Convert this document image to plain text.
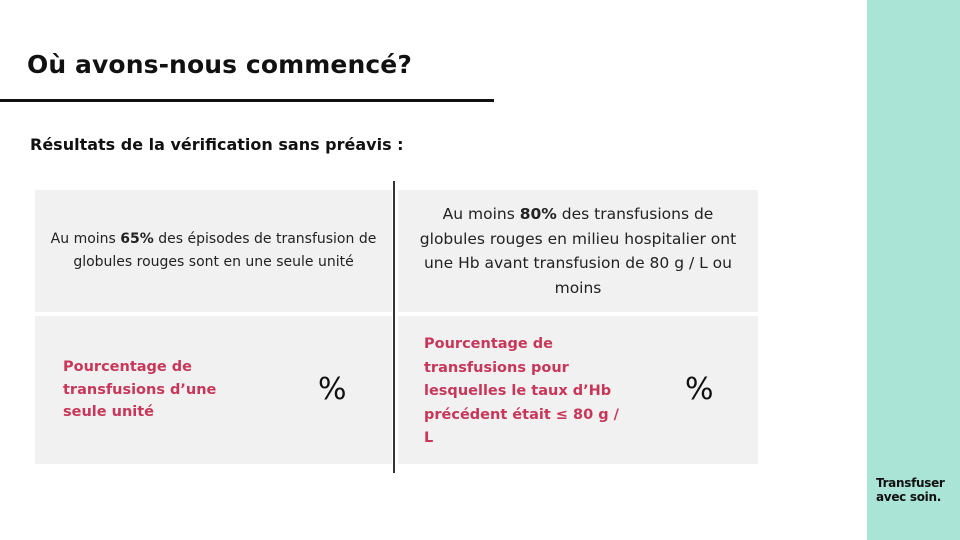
Où avons-nous commencé?
Résultats de la vérification sans préavis :
Au moins 65% des épisodes de transfusion de globules rouges sont en une seule unité
Au moins 80% des transfusions de globules rouges en milieu hospitalier ont une Hb avant transfusion de 80 g / L ou moins
Pourcentage de transfusions d’une seule unité
%
Pourcentage de transfusions pour lesquelles le taux d’Hb précédent était ≤ 80 g / L
%
Transfuser
avec soin.
